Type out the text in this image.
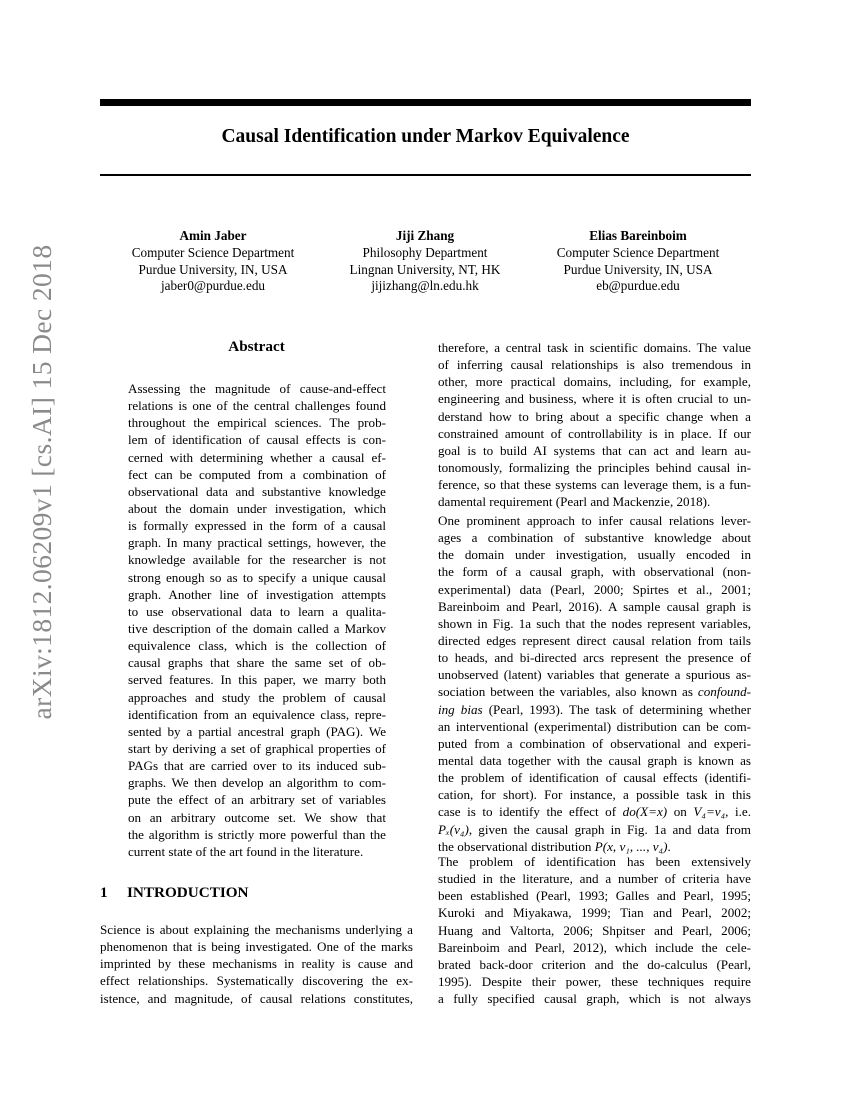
Causal Identification under Markov Equivalence
Amin Jaber
Computer Science Department
Purdue University, IN, USA
jaber0@purdue.edu
Jiji Zhang
Philosophy Department
Lingnan University, NT, HK
jijizhang@ln.edu.hk
Elias Bareinboim
Computer Science Department
Purdue University, IN, USA
eb@purdue.edu
arXiv:1812.06209v1 [cs.AI] 15 Dec 2018	Abstract
Assessing the magnitude of cause-and-effect
relations is one of the central challenges found
throughout the empirical sciences. The prob-
lem of identification of causal effects is con-
cerned with determining whether a causal ef-
fect can be computed from a combination of
observational data and substantive knowledge
about the domain under investigation, which
is formally expressed in the form of a causal
graph. In many practical settings, however, the
knowledge available for the researcher is not
strong enough so as to specify a unique causal
graph. Another line of investigation attempts
to use observational data to learn a qualita-
tive description of the domain called a Markov
equivalence class, which is the collection of
causal graphs that share the same set of ob-
served features. In this paper, we marry both
approaches and study the problem of causal
identification from an equivalence class, repre-
sented by a partial ancestral graph (PAG). We
start by deriving a set of graphical properties of
PAGs that are carried over to its induced sub-
graphs. We then develop an algorithm to com-
pute the effect of an arbitrary set of variables
on an arbitrary outcome set. We show that
the algorithm is strictly more powerful than the
current state of the art found in the literature.
1 INTRODUCTION
Science is about explaining the mechanisms underlying a
phenomenon that is being investigated. One of the marks
imprinted by these mechanisms in reality is cause and
effect relationships. Systematically discovering the ex-
istence, and magnitude, of causal relations constitutes,
therefore, a central task in scientific domains. The value
of inferring causal relationships is also tremendous in
other, more practical domains, including, for example,
engineering and business, where it is often crucial to un-
derstand how to bring about a specific change when a
constrained amount of controllability is in place. If our
goal is to build AI systems that can act and learn au-
tonomously, formalizing the principles behind causal in-
ference, so that these systems can leverage them, is a fun-
damental requirement (Pearl and Mackenzie, 2018).
One prominent approach to infer causal relations lever-
ages a combination of substantive knowledge about
the domain under investigation, usually encoded in
the form of a causal graph, with observational (non-
experimental) data (Pearl, 2000; Spirtes et al., 2001;
Bareinboim and Pearl, 2016). A sample causal graph is
shown in Fig. 1a such that the nodes represent variables,
directed edges represent direct causal relation from tails
to heads, and bi-directed arcs represent the presence of
unobserved (latent) variables that generate a spurious as-
sociation between the variables, also known as confound-
ing bias (Pearl, 1993). The task of determining whether
an interventional (experimental) distribution can be com-
puted from a combination of observational and experi-
mental data together with the causal graph is known as
the problem of identification of causal effects (identifi-
cation, for short). For instance, a possible task in this
case is to identify the effect of do(X=x) on V₄=v₄, i.e.
Pₓ(v₄), given the causal graph in Fig. 1a and data from
the observational distribution P(x, v₁, ..., v₄).
The problem of identification has been extensively
studied in the literature, and a number of criteria have
been established (Pearl, 1993; Galles and Pearl, 1995;
Kuroki and Miyakawa, 1999; Tian and Pearl, 2002;
Huang and Valtorta, 2006; Shpitser and Pearl, 2006;
Bareinboim and Pearl, 2012), which include the cele-
brated back-door criterion and the do-calculus (Pearl,
1995). Despite their power, these techniques require
a fully specified causal graph, which is not always
